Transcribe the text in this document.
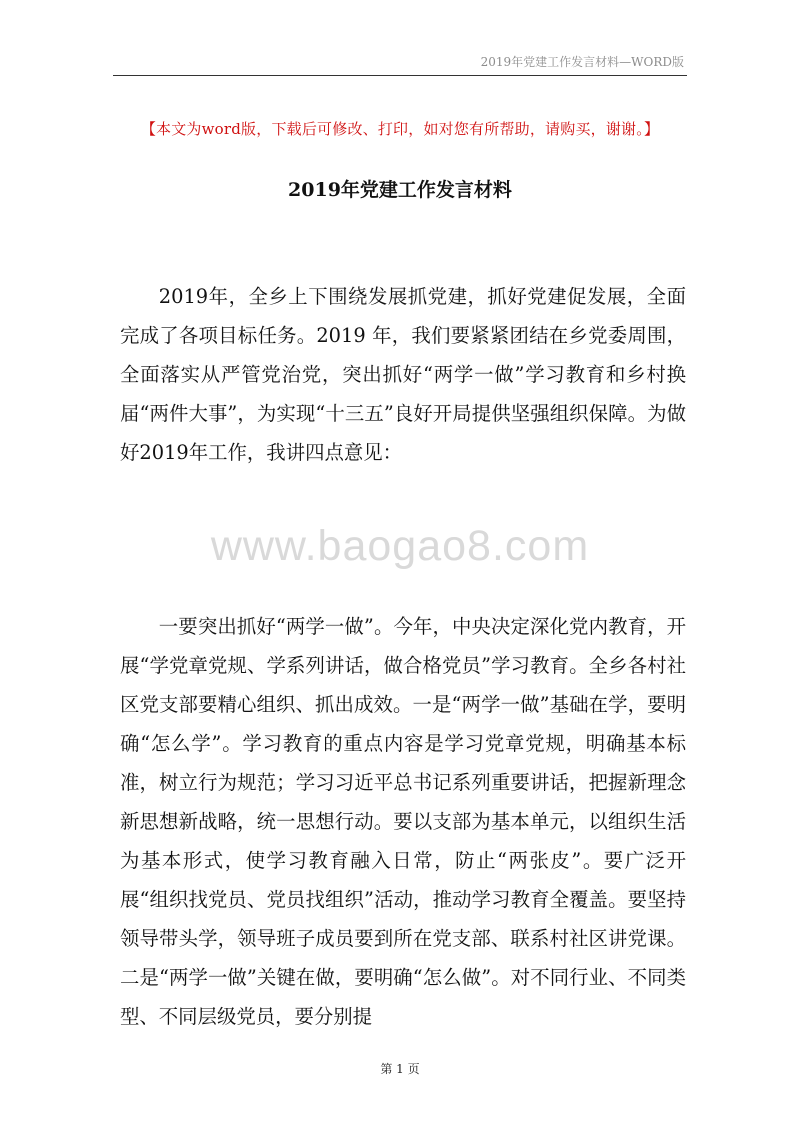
2019年党建工作发言材料—WORD版
【本文为word版，下载后可修改、打印，如对您有所帮助，请购买，谢谢。】
2019年党建工作发言材料

2019年，全乡上下围绕发展抓党建，抓好党建促发展，全面完成了各项目标任务。2019 年，我们要紧紧团结在乡党委周围，全面落实从严管党治党，突出抓好“两学一做”学习教育和乡村换届“两件大事”，为实现“十三五”良好开局提供坚强组织保障。为做好2019年工作，我讲四点意见：

www.baogao8.com

一要突出抓好“两学一做”。今年，中央决定深化党内教育，开展“学党章党规、学系列讲话，做合格党员”学习教育。全乡各村社区党支部要精心组织、抓出成效。一是“两学一做”基础在学，要明确“怎么学”。学习教育的重点内容是学习党章党规，明确基本标准，树立行为规范；学习习近平总书记系列重要讲话，把握新理念新思想新战略，统一思想行动。要以支部为基本单元，以组织生活为基本形式，使学习教育融入日常，防止“两张皮”。要广泛开展“组织找党员、党员找组织”活动，推动学习教育全覆盖。要坚持领导带头学，领导班子成员要到所在党支部、联系村社区讲党课。二是“两学一做”关键在做，要明确“怎么做”。对不同行业、不同类型、不同层级党员，要分别提

第 1 页
